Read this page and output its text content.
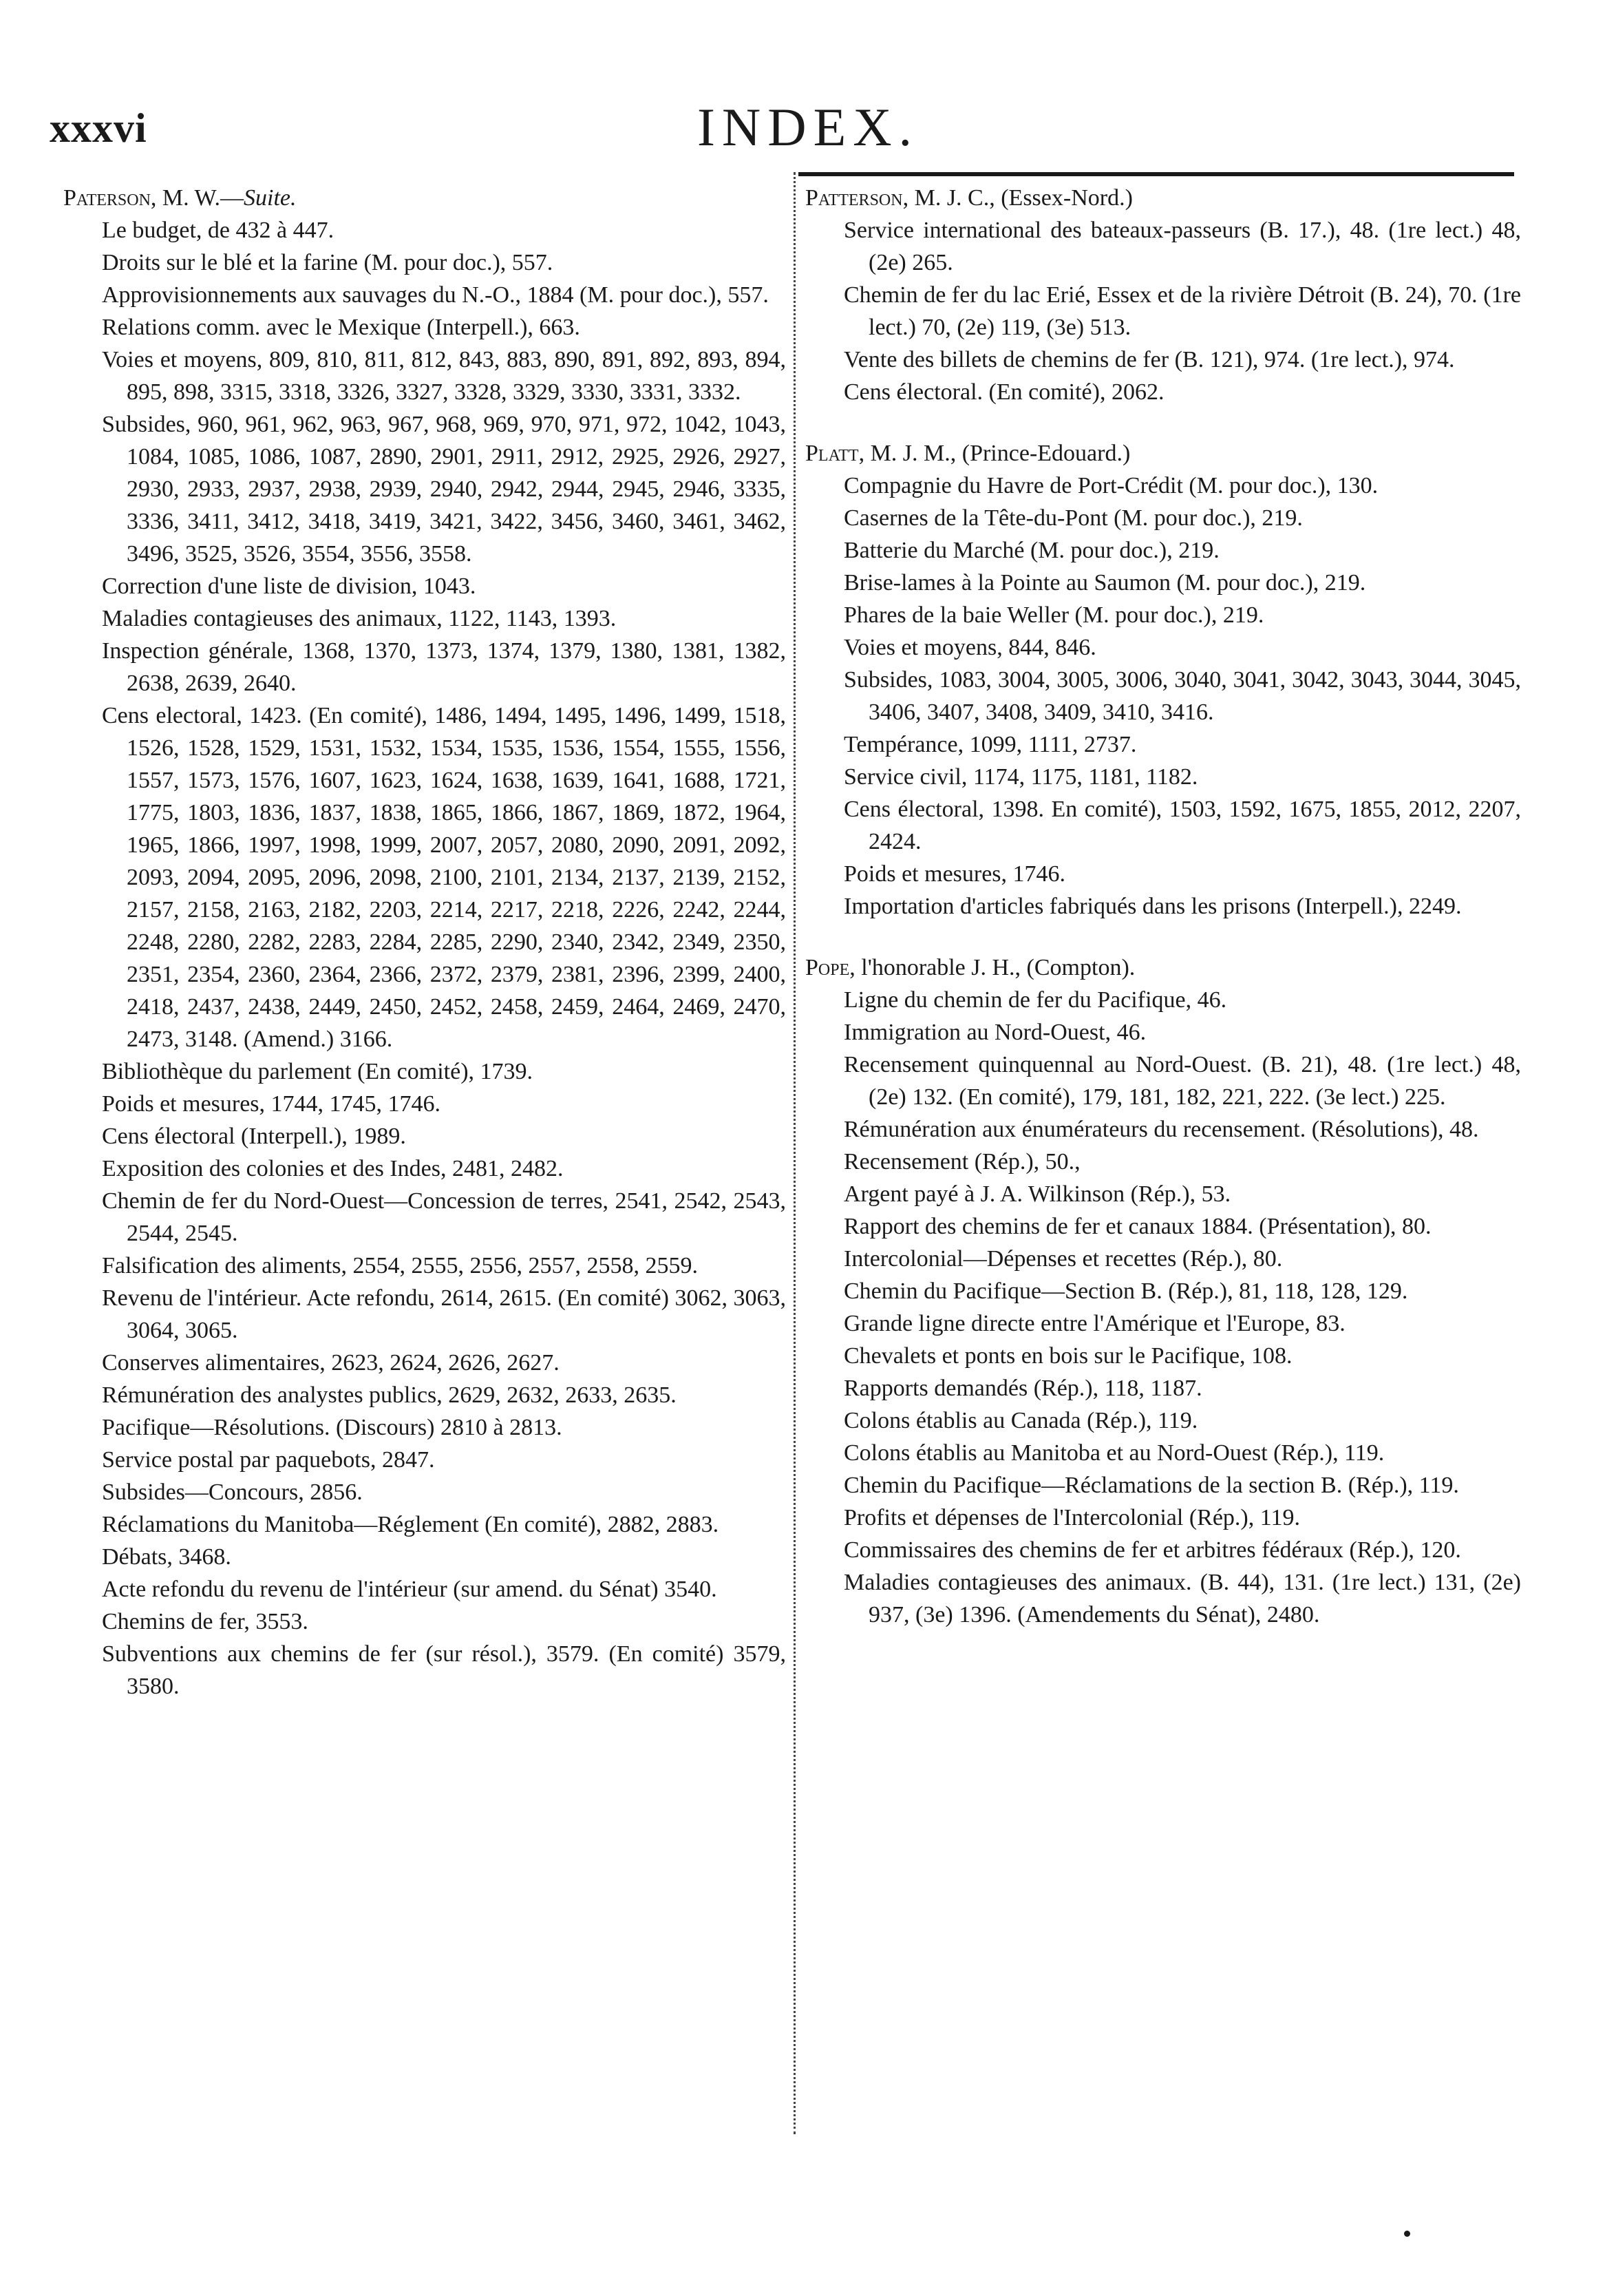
xxxvi	INDEX.
Paterson, M. W.—Suite.
Le budget, de 432 à 447.
Droits sur le blé et la farine (M. pour doc.), 557.
Approvisionnements aux sauvages du N.-O., 1884 (M. pour doc.), 557.
Relations comm. avec le Mexique (Interpell.), 663.
Voies et moyens, 809, 810, 811, 812, 843, 883, 890, 891, 892, 893, 894, 895, 898, 3315, 3318, 3326, 3327, 3328, 3329, 3330, 3331, 3332.
Subsides, 960, 961, 962, 963, 967, 968, 969, 970, 971, 972, 1042, 1043, 1084, 1085, 1086, 1087, 2890, 2901, 2911, 2912, 2925, 2926, 2927, 2930, 2933, 2937, 2938, 2939, 2940, 2942, 2944, 2945, 2946, 3335, 3336, 3411, 3412, 3418, 3419, 3421, 3422, 3456, 3460, 3461, 3462, 3496, 3525, 3526, 3554, 3556, 3558.
Correction d'une liste de division, 1043.
Maladies contagieuses des animaux, 1122, 1143, 1393.
Inspection générale, 1368, 1370, 1373, 1374, 1379, 1380, 1381, 1382, 2638, 2639, 2640.
Cens electoral, 1423. (En comité), 1486, 1494, 1495, 1496, 1499, 1518, 1526, 1528, 1529, 1531, 1532, 1534, 1535, 1536, 1554, 1555, 1556, 1557, 1573, 1576, 1607, 1623, 1624, 1638, 1639, 1641, 1688, 1721, 1775, 1803, 1836, 1837, 1838, 1865, 1866, 1867, 1869, 1872, 1964, 1965, 1866, 1997, 1998, 1999, 2007, 2057, 2080, 2090, 2091, 2092, 2093, 2094, 2095, 2096, 2098, 2100, 2101, 2134, 2137, 2139, 2152, 2157, 2158, 2163, 2182, 2203, 2214, 2217, 2218, 2226, 2242, 2244, 2248, 2280, 2282, 2283, 2284, 2285, 2290, 2340, 2342, 2349, 2350, 2351, 2354, 2360, 2364, 2366, 2372, 2379, 2381, 2396, 2399, 2400, 2418, 2437, 2438, 2449, 2450, 2452, 2458, 2459, 2464, 2469, 2470, 2473, 3148. (Amend.) 3166.
Bibliothèque du parlement (En comité), 1739.
Poids et mesures, 1744, 1745, 1746.
Cens électoral (Interpell.), 1989.
Exposition des colonies et des Indes, 2481, 2482.
Chemin de fer du Nord-Ouest—Concession de terres, 2541, 2542, 2543, 2544, 2545.
Falsification des aliments, 2554, 2555, 2556, 2557, 2558, 2559.
Revenu de l'intérieur. Acte refondu, 2614, 2615. (En comité) 3062, 3063, 3064, 3065.
Conserves alimentaires, 2623, 2624, 2626, 2627.
Rémunération des analystes publics, 2629, 2632, 2633, 2635.
Pacifique—Résolutions. (Discours) 2810 à 2813.
Service postal par paquebots, 2847.
Subsides—Concours, 2856.
Réclamations du Manitoba—Réglement (En comité), 2882, 2883.
Débats, 3468.
Acte refondu du revenu de l'intérieur (sur amend. du Sénat) 3540.
Chemins de fer, 3553.
Subventions aux chemins de fer (sur résol.), 3579. (En comité) 3579, 3580.
Patterson, M. J. C., (Essex-Nord.)
Service international des bateaux-passeurs (B. 17.), 48. (1re lect.) 48, (2e) 265.
Chemin de fer du lac Erié, Essex et de la rivière Détroit (B. 24), 70. (1re lect.) 70, (2e) 119, (3e) 513.
Vente des billets de chemins de fer (B. 121), 974. (1re lect.), 974.
Cens électoral. (En comité), 2062.
Platt, M. J. M., (Prince-Edouard.)
Compagnie du Havre de Port-Crédit (M. pour doc.), 130.
Casernes de la Tête-du-Pont (M. pour doc.), 219.
Batterie du Marché (M. pour doc.), 219.
Brise-lames à la Pointe au Saumon (M. pour doc.), 219.
Phares de la baie Weller (M. pour doc.), 219.
Voies et moyens, 844, 846.
Subsides, 1083, 3004, 3005, 3006, 3040, 3041, 3042, 3043, 3044, 3045, 3406, 3407, 3408, 3409, 3410, 3416.
Tempérance, 1099, 1111, 2737.
Service civil, 1174, 1175, 1181, 1182.
Cens électoral, 1398. En comité), 1503, 1592, 1675, 1855, 2012, 2207, 2424.
Poids et mesures, 1746.
Importation d'articles fabriqués dans les prisons (Interpell.), 2249.
Pope, l'honorable J. H., (Compton).
Ligne du chemin de fer du Pacifique, 46.
Immigration au Nord-Ouest, 46.
Recensement quinquennal au Nord-Ouest. (B. 21), 48. (1re lect.) 48, (2e) 132. (En comité), 179, 181, 182, 221, 222. (3e lect.) 225.
Rémunération aux énumérateurs du recensement. (Résolutions), 48.
Recensement (Rép.), 50.,
Argent payé à J. A. Wilkinson (Rép.), 53.
Rapport des chemins de fer et canaux 1884. (Présentation), 80.
Intercolonial—Dépenses et recettes (Rép.), 80.
Chemin du Pacifique—Section B. (Rép.), 81, 118, 128, 129.
Grande ligne directe entre l'Amérique et l'Europe, 83.
Chevalets et ponts en bois sur le Pacifique, 108.
Rapports demandés (Rép.), 118, 1187.
Colons établis au Canada (Rép.), 119.
Colons établis au Manitoba et au Nord-Ouest (Rép.), 119.
Chemin du Pacifique—Réclamations de la section B. (Rép.), 119.
Profits et dépenses de l'Intercolonial (Rép.), 119.
Commissaires des chemins de fer et arbitres fédéraux (Rép.), 120.
Maladies contagieuses des animaux. (B. 44), 131. (1re lect.) 131, (2e) 937, (3e) 1396. (Amendements du Sénat), 2480.
